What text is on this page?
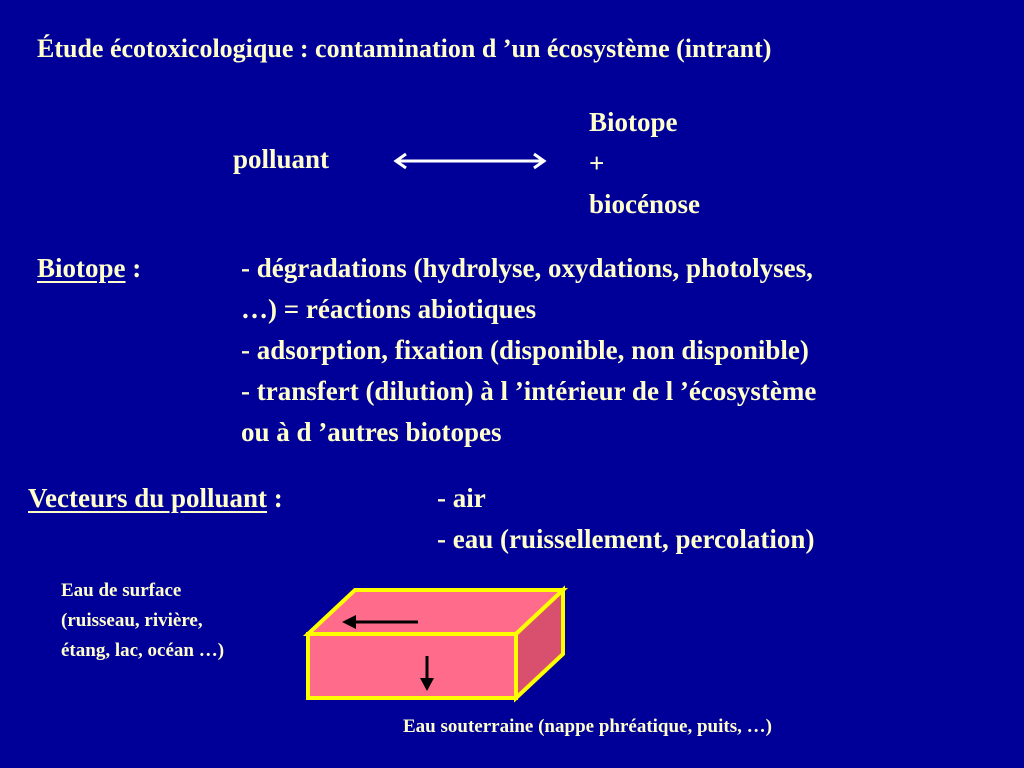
Étude écotoxicologique : contamination d ’un écosystème (intrant)
polluant
Biotope
+
biocénose
Biotope :	- dégradations (hydrolyse, oxydations, photolyses,
…) = réactions abiotiques
- adsorption, fixation (disponible, non disponible)
- transfert (dilution) à l ’intérieur de l ’écosystème
ou à d ’autres biotopes
Vecteurs du polluant :	- air
- eau (ruissellement, percolation)
Eau de surface
(ruisseau, rivière,
étang, lac, océan …)
Eau souterraine (nappe phréatique, puits, …)
